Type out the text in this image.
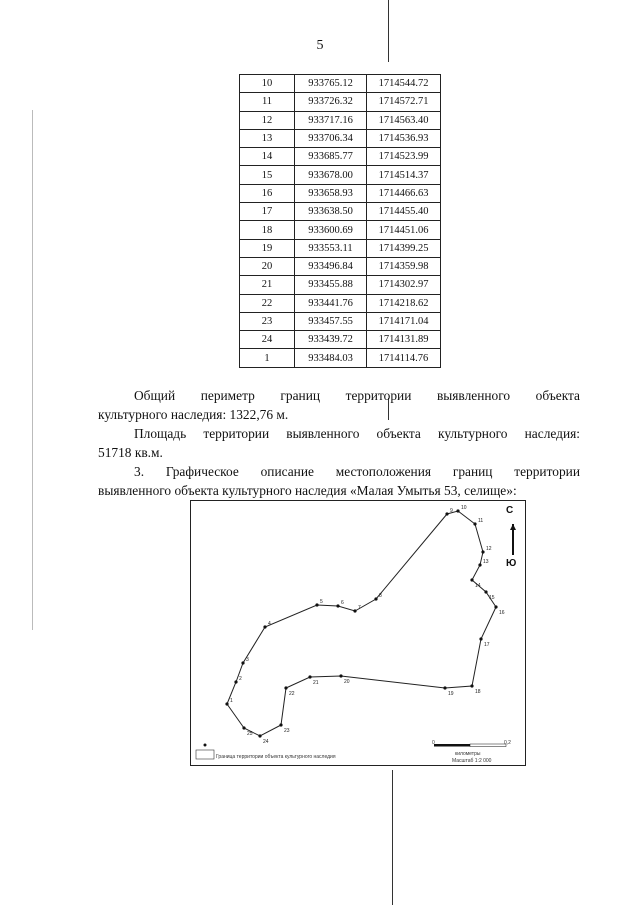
5
10	933765.12	1714544.72
11	933726.32	1714572.71
12	933717.16	1714563.40
13	933706.34	1714536.93
14	933685.77	1714523.99
15	933678.00	1714514.37
16	933658.93	1714466.63
17	933638.50	1714455.40
18	933600.69	1714451.06
19	933553.11	1714399.25
20	933496.84	1714359.98
21	933455.88	1714302.97
22	933441.76	1714218.62
23	933457.55	1714171.04
24	933439.72	1714131.89
1	933484.03	1714114.76
Общий периметр границ территории выявленного объекта
культурного наследия: 1322,76 м.
Площадь территории выявленного объекта культурного наследия:
51718 кв.м.
3. Графическое описание местоположения границ территории
выявленного объекта культурного наследия «Малая Умытья 53, селище»:
1
2
3
4
5	6
7
8
9 10
11
12
13
14
15
16
17
18
19
20
21
22
23
24
25
С
Ю
Граница территории объекта культурного наследия
0	0,2
километры
Масштаб 1:2 000
